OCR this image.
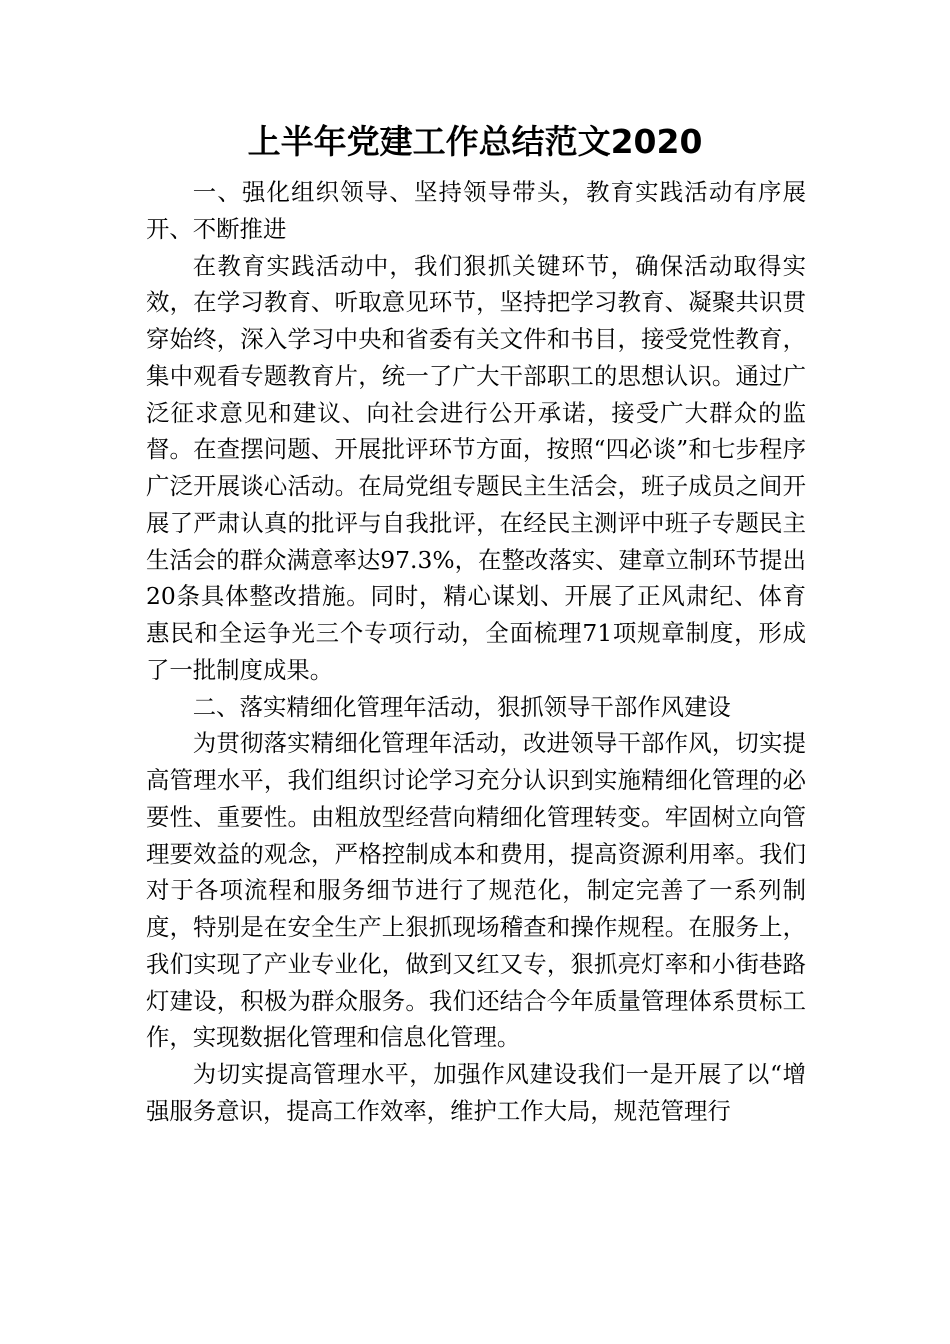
上半年党建工作总结范文2020

一、强化组织领导、坚持领导带头，教育实践活动有序展开、不断推进

在教育实践活动中，我们狠抓关键环节，确保活动取得实效，在学习教育、听取意见环节，坚持把学习教育、凝聚共识贯穿始终，深入学习中央和省委有关文件和书目，接受党性教育，集中观看专题教育片，统一了广大干部职工的思想认识。通过广泛征求意见和建议、向社会进行公开承诺，接受广大群众的监督。在查摆问题、开展批评环节方面，按照“四必谈”和七步程序广泛开展谈心活动。在局党组专题民主生活会，班子成员之间开展了严肃认真的批评与自我批评，在经民主测评中班子专题民主生活会的群众满意率达97.3%，在整改落实、建章立制环节提出20条具体整改措施。同时，精心谋划、开展了正风肃纪、体育惠民和全运争光三个专项行动，全面梳理71项规章制度，形成了一批制度成果。

二、落实精细化管理年活动，狠抓领导干部作风建设

为贯彻落实精细化管理年活动，改进领导干部作风，切实提高管理水平，我们组织讨论学习充分认识到实施精细化管理的必要性、重要性。由粗放型经营向精细化管理转变。牢固树立向管理要效益的观念，严格控制成本和费用，提高资源利用率。我们对于各项流程和服务细节进行了规范化，制定完善了一系列制度，特别是在安全生产上狠抓现场稽查和操作规程。在服务上，我们实现了产业专业化，做到又红又专，狠抓亮灯率和小街巷路灯建设，积极为群众服务。我们还结合今年质量管理体系贯标工作，实现数据化管理和信息化管理。

为切实提高管理水平，加强作风建设我们一是开展了以“增强服务意识，提高工作效率，维护工作大局，规范管理行
